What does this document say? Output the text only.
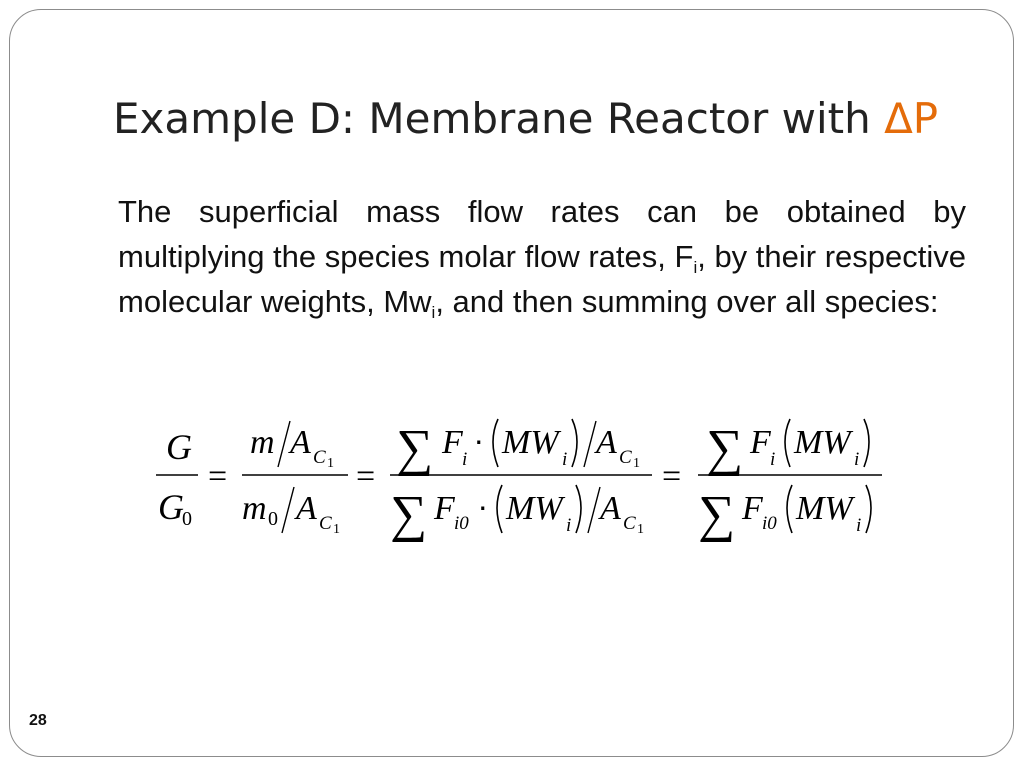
Example D: Membrane Reactor with ΔP
The superficial mass flow rates can be obtained by multiplying the species molar flow rates, $F_i$, by their respective molecular weights, $Mw_i$, and then summing over all species:
G
G
0
=
m A C 1
m 0 A C 1
= ∑ F i ⋅ MW i A C 1
∑ F i0 ⋅ MW i A C 1
= ∑ F i MW i
∑ F i0 MW i
28
